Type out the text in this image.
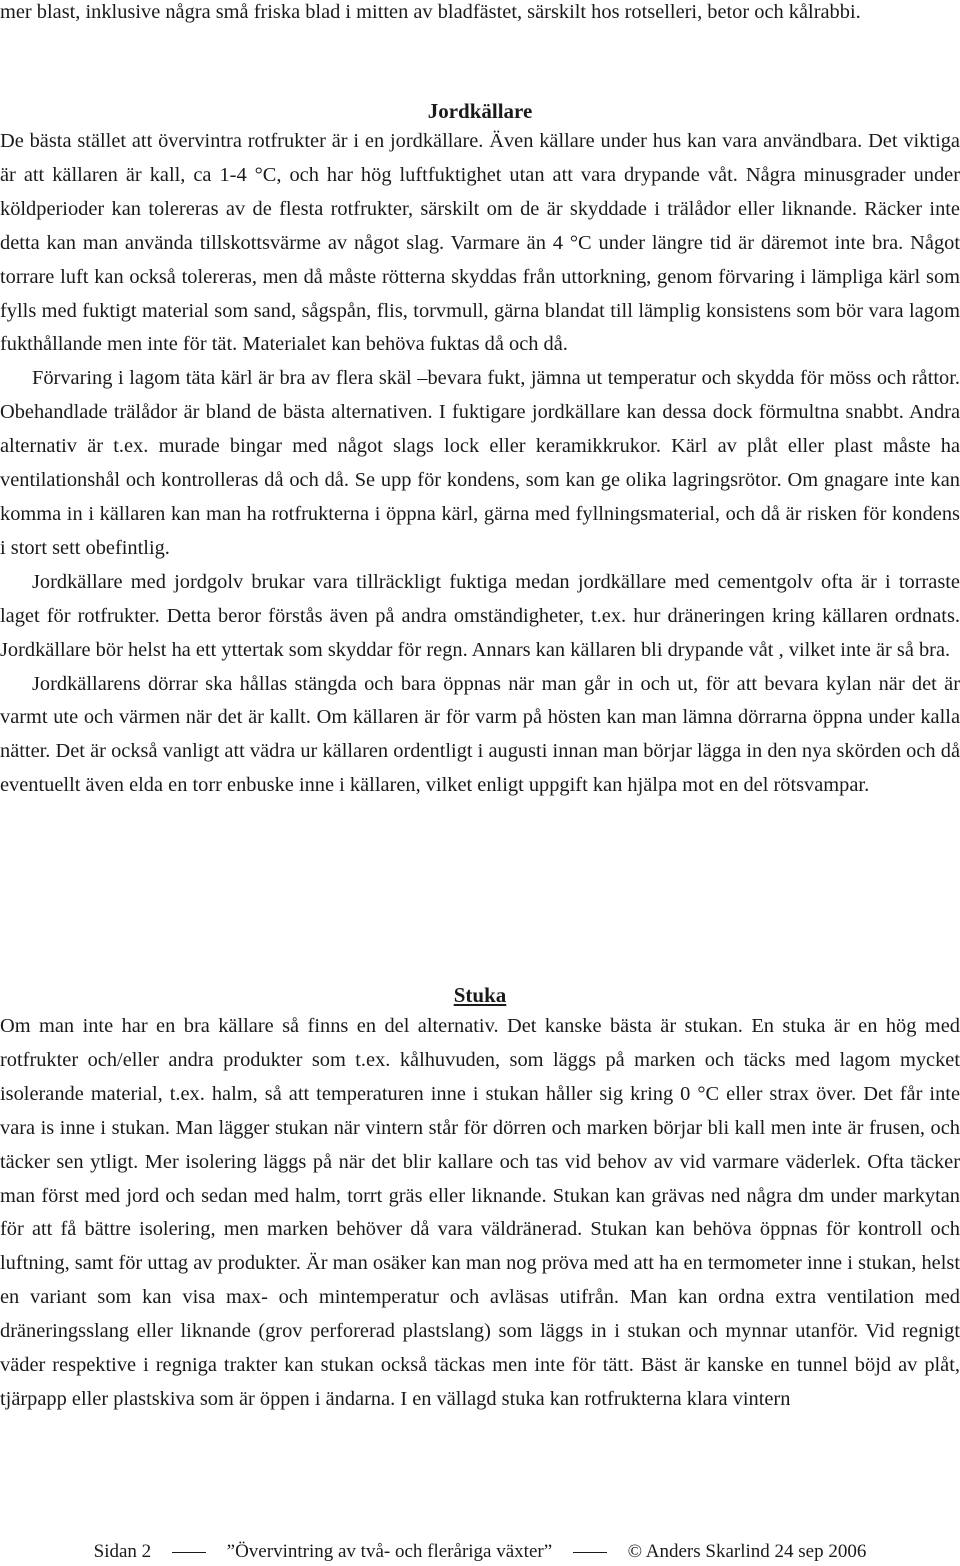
mer blast, inklusive några små friska blad i mitten av bladfästet, särskilt hos rotselleri, betor och kålrabbi.

Jordkällare

De bästa stället att övervintra rotfrukter är i en jordkällare. Även källare under hus kan vara användbara. Det viktiga är att källaren är kall, ca 1-4 °C, och har hög luftfuktighet utan att vara drypande våt. Några minusgrader under köldperioder kan tolereras av de flesta rotfrukter, särskilt om de är skyddade i trälådor eller liknande. Räcker inte detta kan man använda tillskottsvärme av något slag. Varmare än 4 °C under längre tid är däremot inte bra. Något torrare luft kan också tolereras, men då måste rötterna skyddas från uttorkning, genom förvaring i lämpliga kärl som fylls med fuktigt material som sand, sågspån, flis, torvmull, gärna blandat till lämplig konsistens som bör vara lagom fukthållande men inte för tät. Materialet kan behöva fuktas då och då.

Förvaring i lagom täta kärl är bra av flera skäl –bevara fukt, jämna ut temperatur och skydda för möss och råttor. Obehandlade trälådor är bland de bästa alternativen. I fuktigare jordkällare kan dessa dock förmultna snabbt. Andra alternativ är t.ex. murade bingar med något slags lock eller keramikkrukor. Kärl av plåt eller plast måste ha ventilationshål och kontrolleras då och då. Se upp för kondens, som kan ge olika lagringsrötor. Om gnagare inte kan komma in i källaren kan man ha rotfrukterna i öppna kärl, gärna med fyllningsmaterial, och då är risken för kondens i stort sett obefintlig.

Jordkällare med jordgolv brukar vara tillräckligt fuktiga medan jordkällare med cementgolv ofta är i torraste laget för rotfrukter. Detta beror förstås även på andra omständigheter, t.ex. hur dräneringen kring källaren ordnats. Jordkällare bör helst ha ett yttertak som skyddar för regn. Annars kan källaren bli drypande våt , vilket inte är så bra.

Jordkällarens dörrar ska hållas stängda och bara öppnas när man går in och ut, för att bevara kylan när det är varmt ute och värmen när det är kallt. Om källaren är för varm på hösten kan man lämna dörrarna öppna under kalla nätter. Det är också vanligt att vädra ur källaren ordentligt i augusti innan man börjar lägga in den nya skörden och då eventuellt även elda en torr enbuske inne i källaren, vilket enligt uppgift kan hjälpa mot en del rötsvampar.

Stuka

Om man inte har en bra källare så finns en del alternativ. Det kanske bästa är stukan. En stuka är en hög med rotfrukter och/eller andra produkter som t.ex. kålhuvuden, som läggs på marken och täcks med lagom mycket isolerande material, t.ex. halm, så att temperaturen inne i stukan håller sig kring 0 °C eller strax över. Det får inte vara is inne i stukan. Man lägger stukan när vintern står för dörren och marken börjar bli kall men inte är frusen, och täcker sen ytligt. Mer isolering läggs på när det blir kallare och tas vid behov av vid varmare väderlek. Ofta täcker man först med jord och sedan med halm, torrt gräs eller liknande. Stukan kan grävas ned några dm under markytan för att få bättre isolering, men marken behöver då vara väldränerad. Stukan kan behöva öppnas för kontroll och luftning, samt för uttag av produkter. Är man osäker kan man nog pröva med att ha en termometer inne i stukan, helst en variant som kan visa max- och mintemperatur och avläsas utifrån. Man kan ordna extra ventilation med dräneringsslang eller liknande (grov perforerad plastslang) som läggs in i stukan och mynnar utanför. Vid regnigt väder respektive i regniga trakter kan stukan också täckas men inte för tätt. Bäst är kanske en tunnel böjd av plåt, tjärpapp eller plastskiva som är öppen i ändarna. I en vällagd stuka kan rotfrukterna klara vintern

Sidan 2	”Övervintring av två- och fleråriga växter”	© Anders Skarlind 24 sep 2006
